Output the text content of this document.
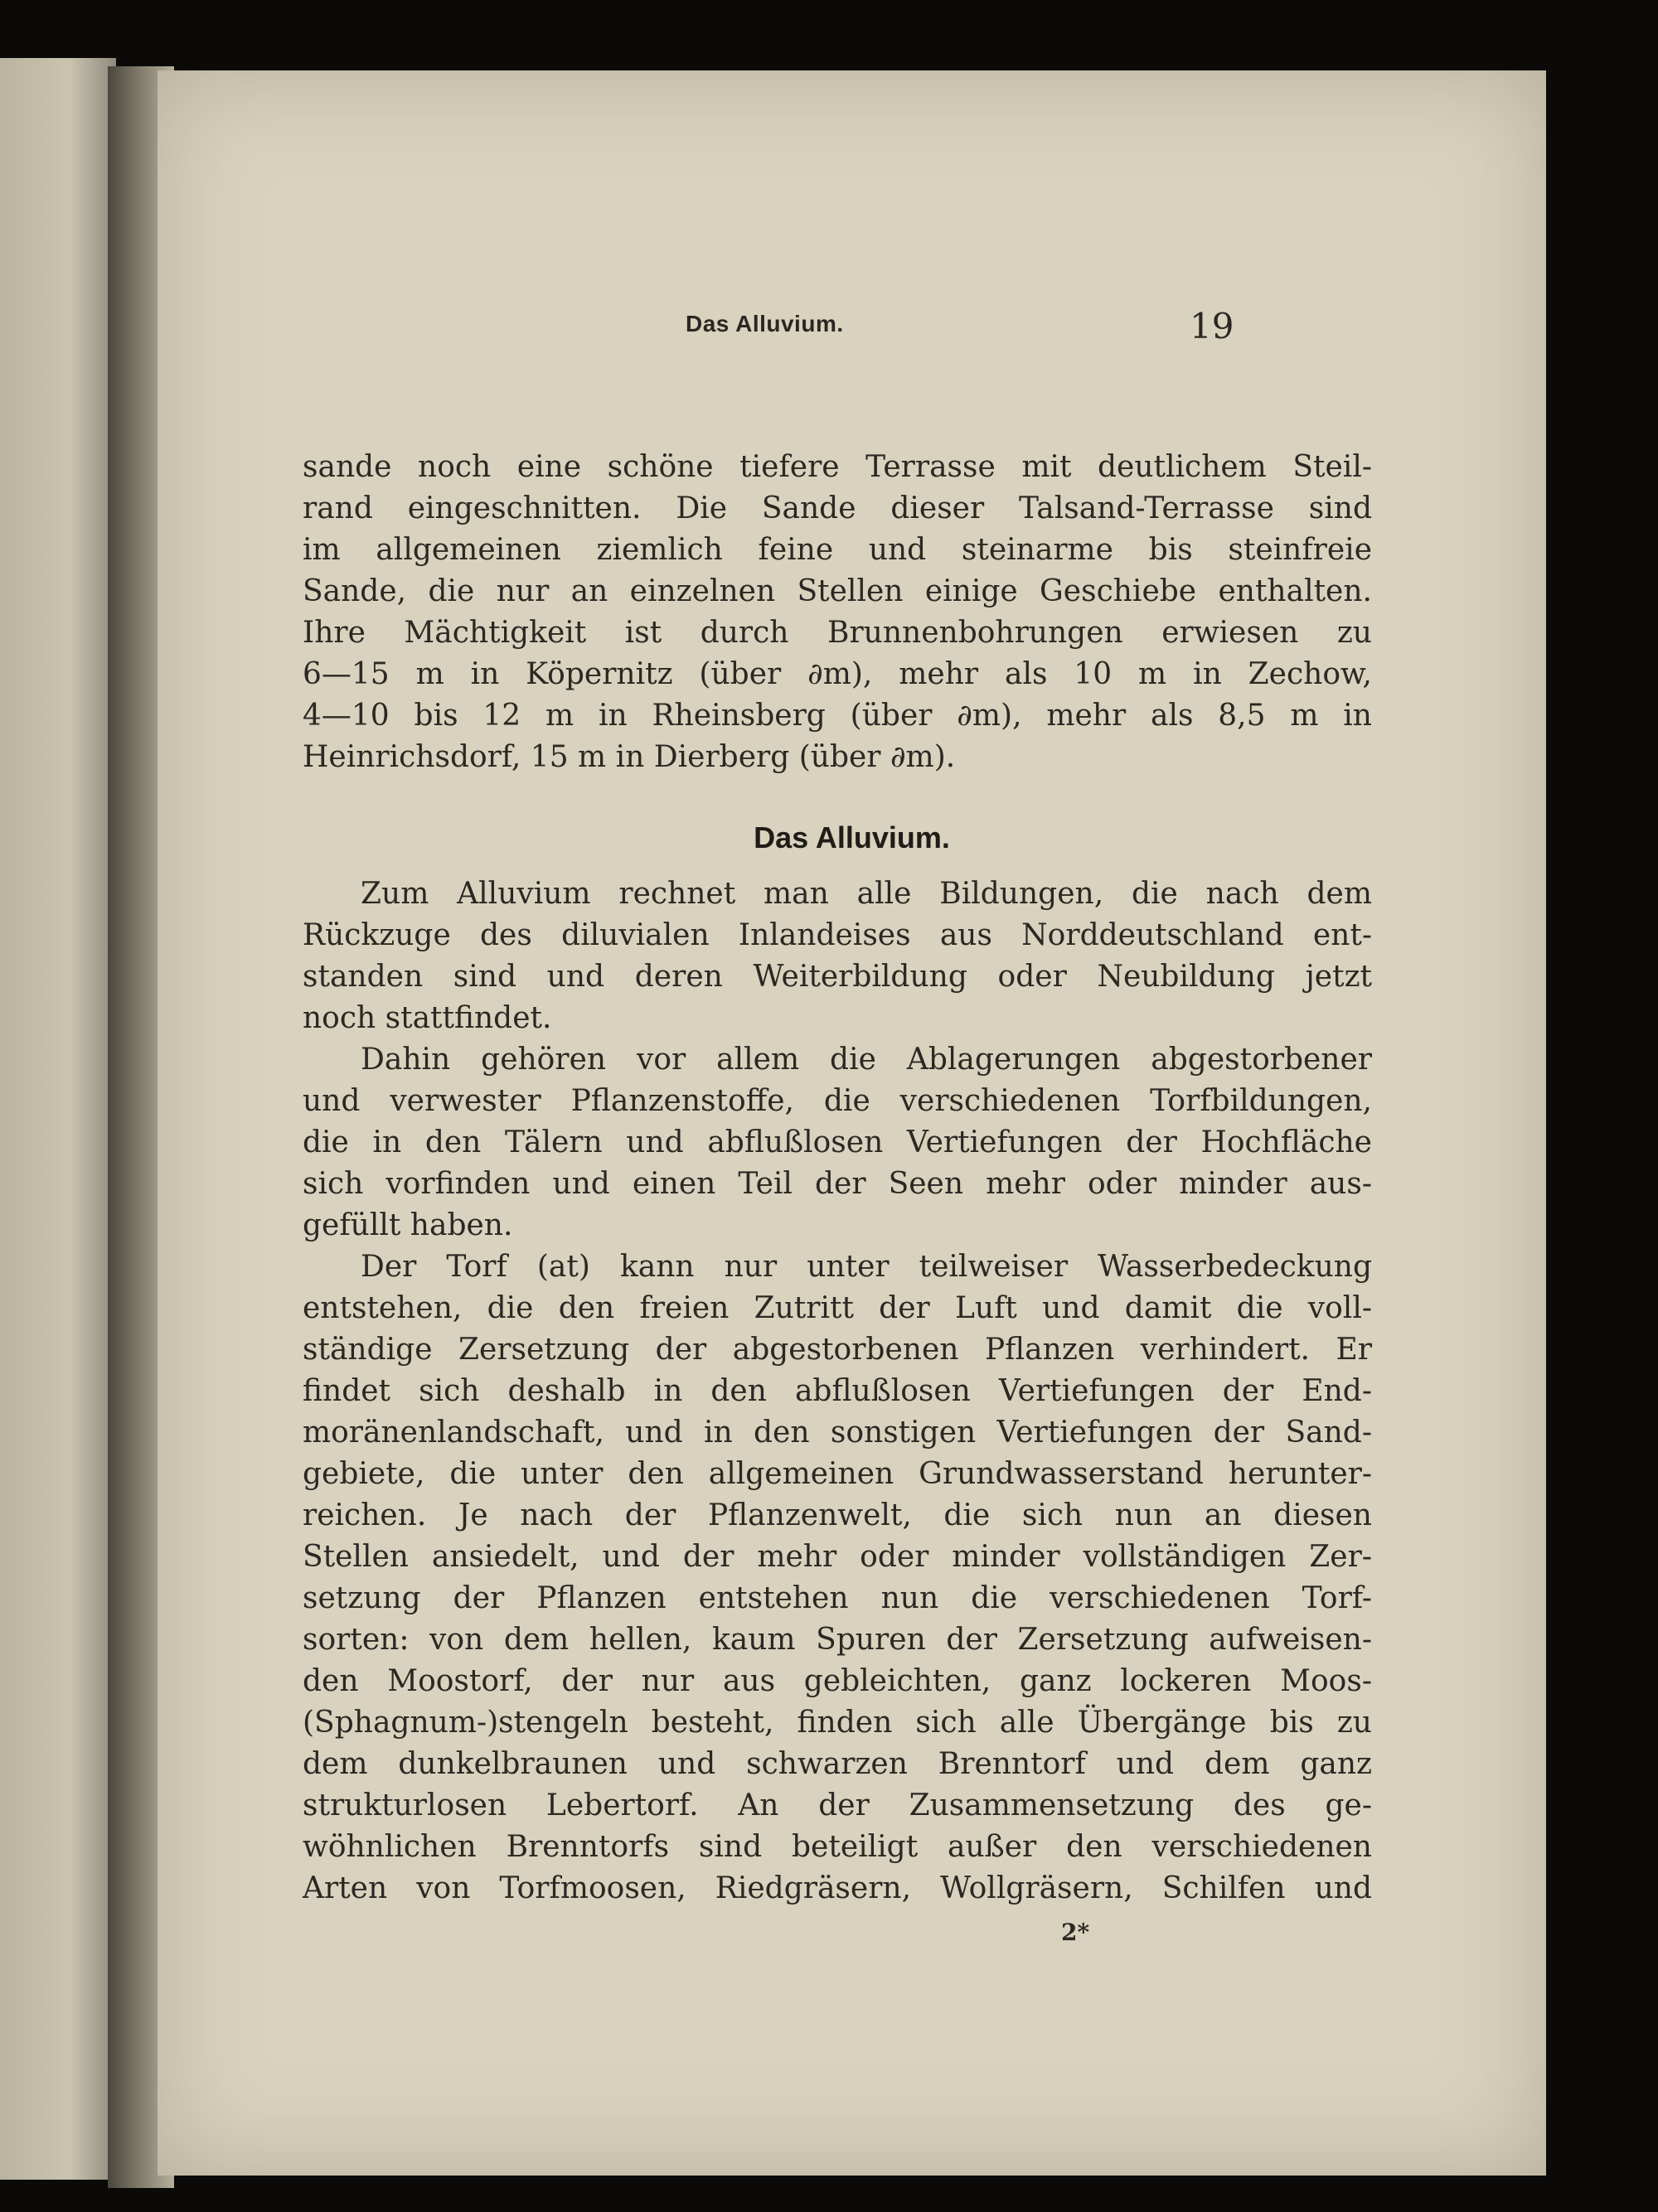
Das Alluvium.	19

sande noch eine schöne tiefere Terrasse mit deutlichem Steil-

rand eingeschnitten. Die Sande dieser Talsand-Terrasse sind

im allgemeinen ziemlich feine und steinarme bis steinfreie

Sande, die nur an einzelnen Stellen einige Geschiebe enthalten.

Ihre Mächtigkeit ist durch Brunnenbohrungen erwiesen zu

6—15 m in Köpernitz (über ∂m), mehr als 10 m in Zechow,

4—10 bis 12 m in Rheinsberg (über ∂m), mehr als 8,5 m in

Heinrichsdorf, 15 m in Dierberg (über ∂m).

Das Alluvium.

Zum Alluvium rechnet man alle Bildungen, die nach dem

Rückzuge des diluvialen Inlandeises aus Norddeutschland ent-

standen sind und deren Weiterbildung oder Neubildung jetzt

noch stattfindet.

Dahin gehören vor allem die Ablagerungen abgestorbener

und verwester Pflanzenstoffe, die verschiedenen Torfbildungen,

die in den Tälern und abflußlosen Vertiefungen der Hochfläche

sich vorfinden und einen Teil der Seen mehr oder minder aus-

gefüllt haben.

Der Torf (at) kann nur unter teilweiser Wasserbedeckung

entstehen, die den freien Zutritt der Luft und damit die voll-

ständige Zersetzung der abgestorbenen Pflanzen verhindert. Er

findet sich deshalb in den abflußlosen Vertiefungen der End-

moränenlandschaft, und in den sonstigen Vertiefungen der Sand-

gebiete, die unter den allgemeinen Grundwasserstand herunter-

reichen. Je nach der Pflanzenwelt, die sich nun an diesen

Stellen ansiedelt, und der mehr oder minder vollständigen Zer-

setzung der Pflanzen entstehen nun die verschiedenen Torf-

sorten: von dem hellen, kaum Spuren der Zersetzung aufweisen-

den Moostorf, der nur aus gebleichten, ganz lockeren Moos-

(Sphagnum-)stengeln besteht, finden sich alle Übergänge bis zu

dem dunkelbraunen und schwarzen Brenntorf und dem ganz

strukturlosen Lebertorf. An der Zusammensetzung des ge-

wöhnlichen Brenntorfs sind beteiligt außer den verschiedenen

Arten von Torfmoosen, Riedgräsern, Wollgräsern, Schilfen und

2*
